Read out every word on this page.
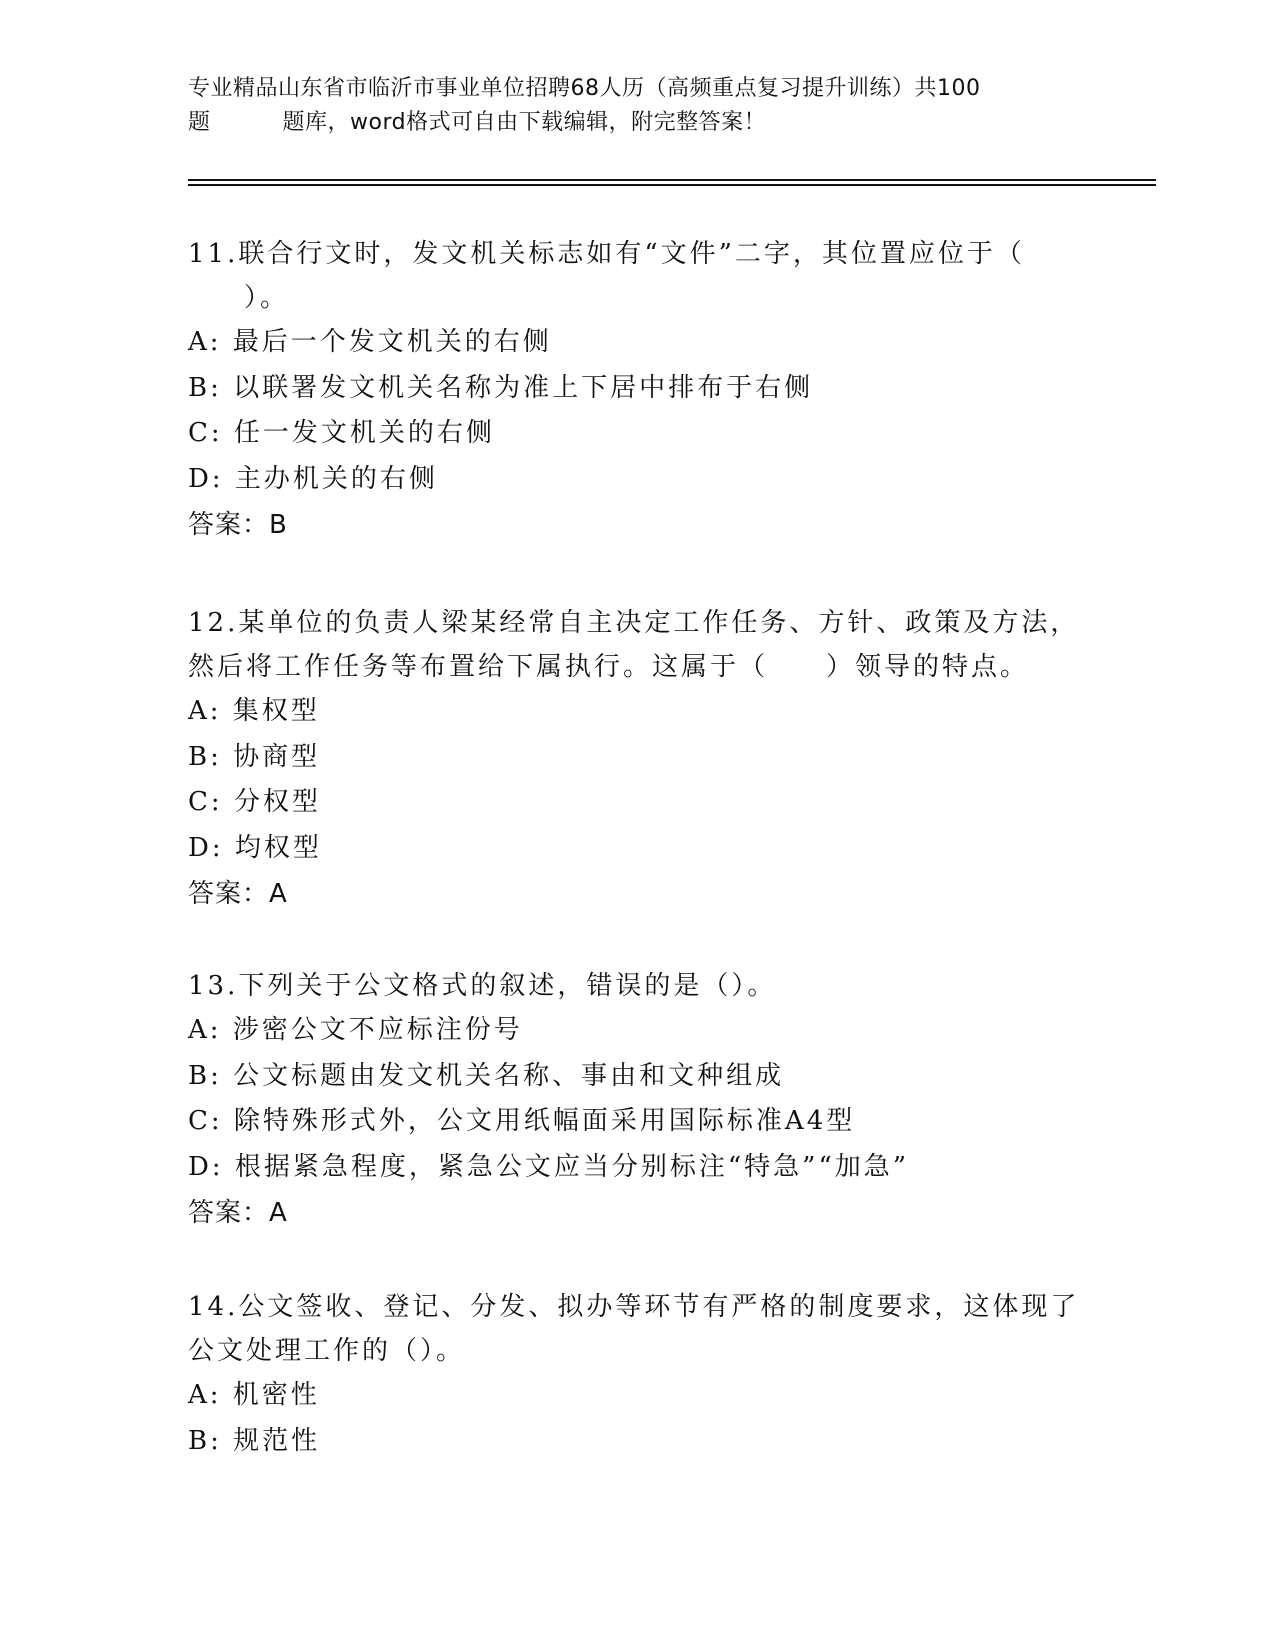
专业精品山东省市临沂市事业单位招聘68人历（高频重点复习提升训练）共100
题	题库，word格式可自由下载编辑，附完整答案！
11.联合行文时，发文机关标志如有“文件”二字，其位置应位于（
）。
A: 最后一个发文机关的右侧
B: 以联署发文机关名称为准上下居中排布于右侧
C: 任一发文机关的右侧
D: 主办机关的右侧
答案：B
12.某单位的负责人梁某经常自主决定工作任务、方针、政策及方法，
然后将工作任务等布置给下属执行。这属于（　　）领导的特点。
A: 集权型
B: 协商型
C: 分权型
D: 均权型
答案：A
13.下列关于公文格式的叙述，错误的是（）。
A: 涉密公文不应标注份号
B: 公文标题由发文机关名称、事由和文种组成
C: 除特殊形式外，公文用纸幅面采用国际标准A4型
D: 根据紧急程度，紧急公文应当分别标注“特急”“加急”
答案：A
14.公文签收、登记、分发、拟办等环节有严格的制度要求，这体现了
公文处理工作的（）。
A: 机密性
B: 规范性
